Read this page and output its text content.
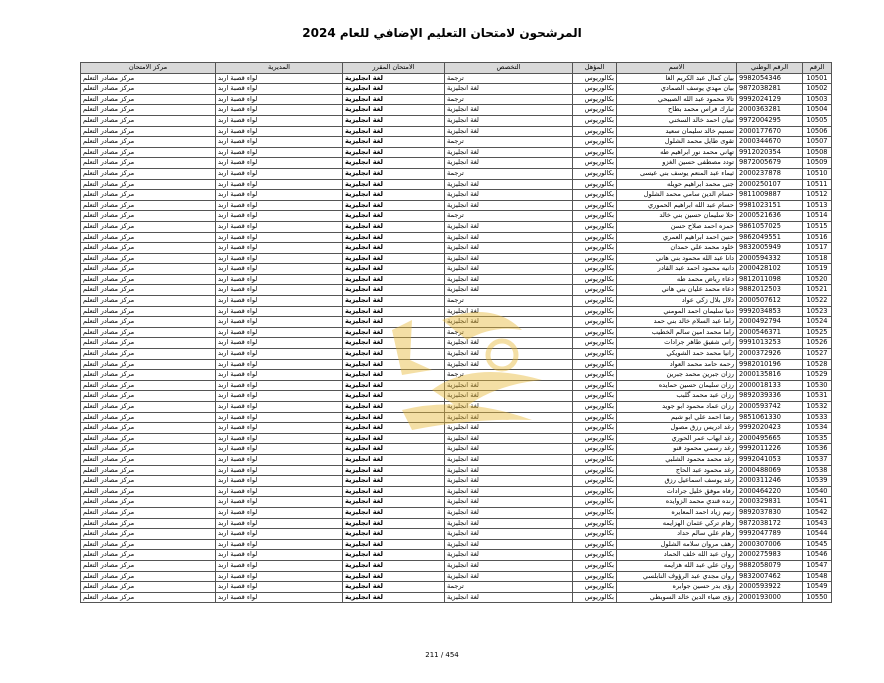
المرشحون لامتحان التعليم الإضافي للعام 2024
الرقم	الرقم الوطني	الاسم	المؤهل	التخصص	الامتحان المقرر	المديرية	مركز الامتحان
10501	9982054346	بيان كمال عبد الكريم الغا	بكالوريوس	ترجمة	لغة انجليزية	لواء قصبة اربد	مركز مصادر التعلم
10502	9872038281	بيان مهدي يوسف الصمادي	بكالوريوس	لغة انجليزية	لغة انجليزية	لواء قصبة اربد	مركز مصادر التعلم
10503	9992024129	تالا محمود عبد الله الصبيحي	بكالوريوس	ترجمة	لغة انجليزية	لواء قصبة اربد	مركز مصادر التعلم
10504	2000363281	تبارك فراس محمد بطاح	بكالوريوس	لغة انجليزية	لغة انجليزية	لواء قصبة اربد	مركز مصادر التعلم
10505	9972004295	تبيان احمد خالد السخني	بكالوريوس	لغة انجليزية	لغة انجليزية	لواء قصبة اربد	مركز مصادر التعلم
10506	2000177670	تسنيم خالد سليمان سعيد	بكالوريوس	لغة انجليزية	لغة انجليزية	لواء قصبة اربد	مركز مصادر التعلم
10507	2000344670	تقوى طايل محمد الشلول	بكالوريوس	ترجمة	لغة انجليزية	لواء قصبة اربد	مركز مصادر التعلم
10508	9912020354	تهاني محمد نور ابراهيم طه	بكالوريوس	لغة انجليزية	لغة انجليزية	لواء قصبة اربد	مركز مصادر التعلم
10509	9872005679	تودد مصطفى حسين الغزو	بكالوريوس	لغة انجليزية	لغة انجليزية	لواء قصبة اربد	مركز مصادر التعلم
10510	2000237878	ثيماء عبد المنعم يوسف بني عيسى	بكالوريوس	ترجمة	لغة انجليزية	لواء قصبة اربد	مركز مصادر التعلم
10511	2000250107	جنى محمد ابراهيم حويله	بكالوريوس	لغة انجليزية	لغة انجليزية	لواء قصبة اربد	مركز مصادر التعلم
10512	9811009887	حسام الدين سامي محمد الشلول	بكالوريوس	لغة انجليزية	لغة انجليزية	لواء قصبة اربد	مركز مصادر التعلم
10513	9981023151	حسام عبد الله ابراهيم الحموري	بكالوريوس	لغة انجليزية	لغة انجليزية	لواء قصبة اربد	مركز مصادر التعلم
10514	2000521636	حلا سليمان حسين بني خالد	بكالوريوس	ترجمة	لغة انجليزية	لواء قصبة اربد	مركز مصادر التعلم
10515	9861057025	حمزه احمد صلاح حسن	بكالوريوس	لغة انجليزية	لغة انجليزية	لواء قصبة اربد	مركز مصادر التعلم
10516	9862049551	حنين احمد ابراهيم العمري	بكالوريوس	لغة انجليزية	لغة انجليزية	لواء قصبة اربد	مركز مصادر التعلم
10517	9832005949	خلود محمد علي حمدان	بكالوريوس	لغة انجليزية	لغة انجليزية	لواء قصبة اربد	مركز مصادر التعلم
10518	2000594332	دانا عبد الله محمود بني هاني	بكالوريوس	لغة انجليزية	لغة انجليزية	لواء قصبة اربد	مركز مصادر التعلم
10519	2000428102	دانيه محمود احمد عبد القادر	بكالوريوس	لغة انجليزية	لغة انجليزية	لواء قصبة اربد	مركز مصادر التعلم
10520	9812011098	دعاء رياض محمد طه	بكالوريوس	لغة انجليزية	لغة انجليزية	لواء قصبة اربد	مركز مصادر التعلم
10521	9882012503	دعاء محمد عليان بني هاني	بكالوريوس	لغة انجليزية	لغة انجليزية	لواء قصبة اربد	مركز مصادر التعلم
10522	2000507612	دلال بلال زكي عواد	بكالوريوس	ترجمة	لغة انجليزية	لواء قصبة اربد	مركز مصادر التعلم
10523	9992034853	دنيا سليمان احمد المومني	بكالوريوس	لغة انجليزية	لغة انجليزية	لواء قصبة اربد	مركز مصادر التعلم
10524	2000492794	راما عبد السلام خالد بني حمد	بكالوريوس	لغة انجليزية	لغة انجليزية	لواء قصبة اربد	مركز مصادر التعلم
10525	2000546371	راما محمد امين سالم الخطيب	بكالوريوس	ترجمة	لغة انجليزية	لواء قصبة اربد	مركز مصادر التعلم
10526	9991013253	راني شفيق طاهر جرادات	بكالوريوس	لغة انجليزية	لغة انجليزية	لواء قصبة اربد	مركز مصادر التعلم
10527	2000372926	رانيا محمد حمد الشويكي	بكالوريوس	لغة انجليزية	لغة انجليزية	لواء قصبة اربد	مركز مصادر التعلم
10528	9982010196	رحمه حامد محمد العواد	بكالوريوس	لغة انجليزية	لغة انجليزية	لواء قصبة اربد	مركز مصادر التعلم
10529	2000135816	رزان جبرين محمد جبرين	بكالوريوس	ترجمة	لغة انجليزية	لواء قصبة اربد	مركز مصادر التعلم
10530	2000018133	رزان سليمان حسين حمايده	بكالوريوس	لغة انجليزية	لغة انجليزية	لواء قصبة اربد	مركز مصادر التعلم
10531	9892039336	رزان عبد محمد گلبب	بكالوريوس	لغة انجليزية	لغة انجليزية	لواء قصبة اربد	مركز مصادر التعلم
10532	2000593742	رزان عماد محمود ابو جويد	بكالوريوس	لغة انجليزية	لغة انجليزية	لواء قصبة اربد	مركز مصادر التعلم
10533	9851061330	رضا احمد علي ابو شيم	بكالوريوس	لغة انجليزية	لغة انجليزية	لواء قصبة اربد	مركز مصادر التعلم
10534	9992020423	رغد ادريس رزق مصول	بكالوريوس	لغة انجليزية	لغة انجليزية	لواء قصبة اربد	مركز مصادر التعلم
10535	2000495665	رغد ايهاب عمر الحوري	بكالوريوس	لغة انجليزية	لغة انجليزية	لواء قصبة اربد	مركز مصادر التعلم
10536	9992011226	رغد رسمي محمود قنو	بكالوريوس	لغة انجليزية	لغة انجليزية	لواء قصبة اربد	مركز مصادر التعلم
10537	9992041053	رغد محمد محمود الشلبي	بكالوريوس	لغة انجليزية	لغة انجليزية	لواء قصبة اربد	مركز مصادر التعلم
10538	2000488069	رغد محمود عبد الحاج	بكالوريوس	لغة انجليزية	لغة انجليزية	لواء قصبة اربد	مركز مصادر التعلم
10539	2000311246	رغد يوسف اسماعيل رزق	بكالوريوس	لغة انجليزية	لغة انجليزية	لواء قصبة اربد	مركز مصادر التعلم
10540	2000464220	رفاه موفق خليل جرادات	بكالوريوس	لغة انجليزية	لغة انجليزية	لواء قصبة اربد	مركز مصادر التعلم
10541	2000329831	رنده قندي محمد الزوايده	بكالوريوس	لغة انجليزية	لغة انجليزية	لواء قصبة اربد	مركز مصادر التعلم
10542	9892037830	رنيم زياد احمد المعايره	بكالوريوس	لغة انجليزية	لغة انجليزية	لواء قصبة اربد	مركز مصادر التعلم
10543	9872038172	رهام تركي عثمان الهزايمه	بكالوريوس	لغة انجليزية	لغة انجليزية	لواء قصبة اربد	مركز مصادر التعلم
10544	9992047789	رهام علي سالم حداد	بكالوريوس	لغة انجليزية	لغة انجليزية	لواء قصبة اربد	مركز مصادر التعلم
10545	2000307006	رهف مروان سلامه الشلول	بكالوريوس	لغة انجليزية	لغة انجليزية	لواء قصبة اربد	مركز مصادر التعلم
10546	2000275983	روان عبد الله خلف الحماد	بكالوريوس	لغة انجليزية	لغة انجليزية	لواء قصبة اربد	مركز مصادر التعلم
10547	9882058079	روان علي عبد الله هزايمه	بكالوريوس	لغة انجليزية	لغة انجليزية	لواء قصبة اربد	مركز مصادر التعلم
10548	9832007462	روان مجدي عبد الرؤوف النابلسي	بكالوريوس	لغة انجليزية	لغة انجليزية	لواء قصبة اربد	مركز مصادر التعلم
10549	2000593922	رؤى بدر حسين جوابره	بكالوريوس	ترجمة	لغة انجليزية	لواء قصبة اربد	مركز مصادر التعلم
10550	2000193000	رؤى ضياء الدين خالد السوبطي	بكالوريوس	لغة انجليزية	لغة انجليزية	لواء قصبة اربد	مركز مصادر التعلم
211 / 454
